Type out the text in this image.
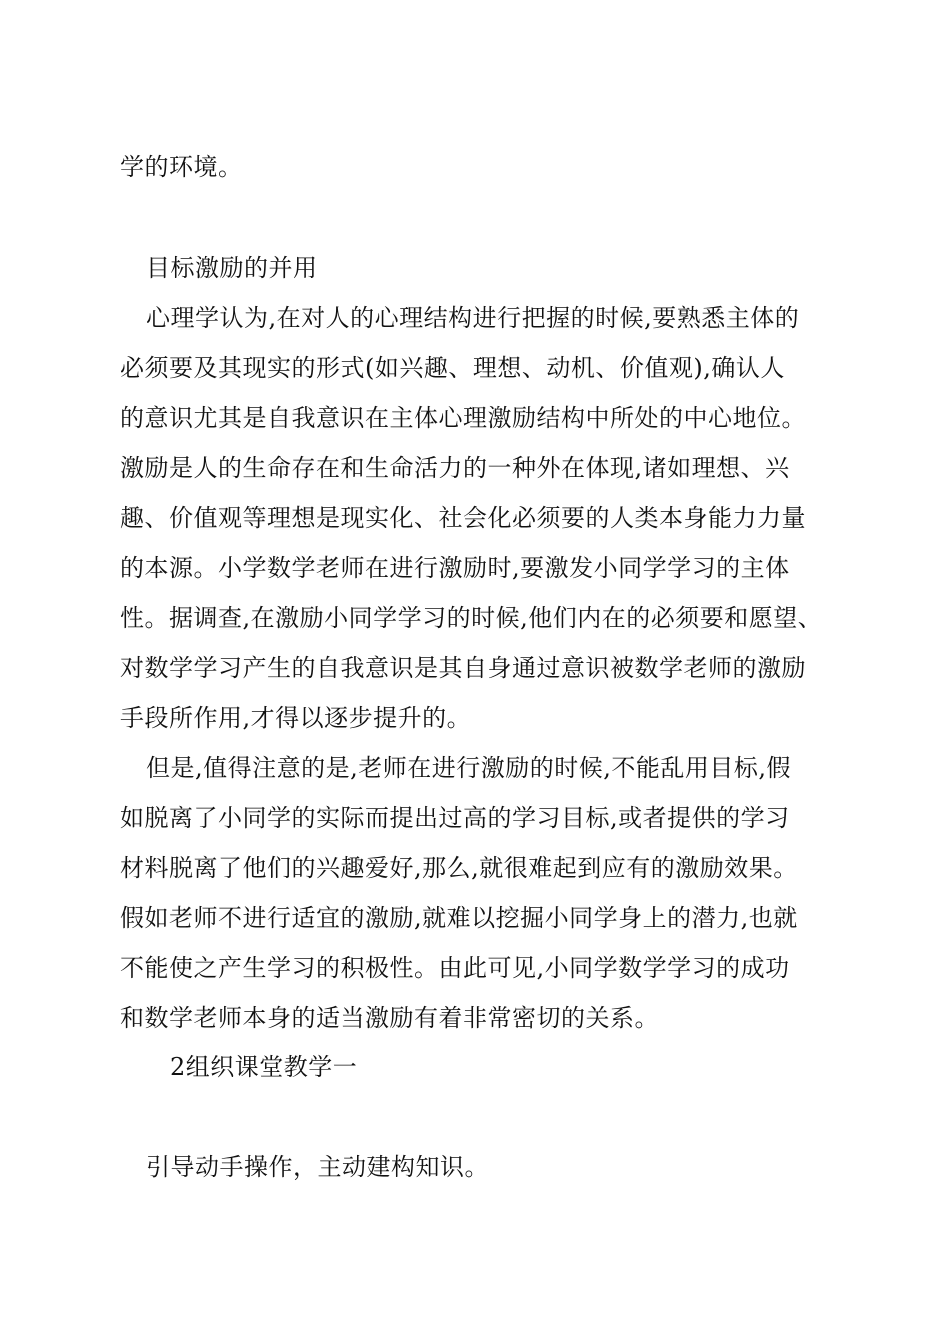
学的环境。
目标激励的并用
心理学认为,在对人的心理结构进行把握的时候,要熟悉主体的
必须要及其现实的形式(如兴趣、理想、动机、价值观),确认人
的意识尤其是自我意识在主体心理激励结构中所处的中心地位。
激励是人的生命存在和生命活力的一种外在体现,诸如理想、兴
趣、价值观等理想是现实化、社会化必须要的人类本身能力力量
的本源。小学数学老师在进行激励时,要激发小同学学习的主体
性。据调查,在激励小同学学习的时候,他们内在的必须要和愿望、
对数学学习产生的自我意识是其自身通过意识被数学老师的激励
手段所作用,才得以逐步提升的。
但是,值得注意的是,老师在进行激励的时候,不能乱用目标,假
如脱离了小同学的实际而提出过高的学习目标,或者提供的学习
材料脱离了他们的兴趣爱好,那么,就很难起到应有的激励效果。
假如老师不进行适宜的激励,就难以挖掘小同学身上的潜力,也就
不能使之产生学习的积极性。由此可见,小同学数学学习的成功
和数学老师本身的适当激励有着非常密切的关系。
2组织课堂教学一
引导动手操作，主动建构知识。
